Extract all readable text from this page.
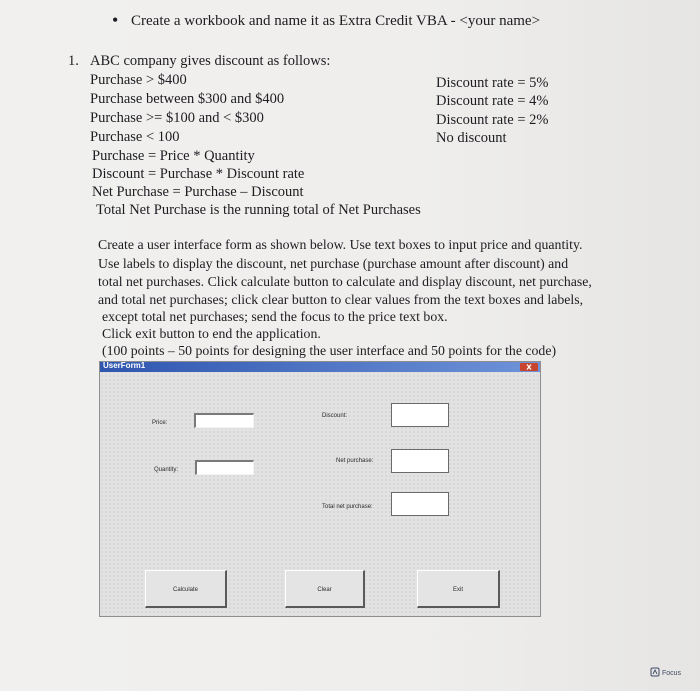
• Create a workbook and name it as Extra Credit VBA - <your name>
1. ABC company gives discount as follows:
Purchase > $400
Purchase between $300 and $400
Purchase >= $100 and < $300
Purchase < 100
Discount rate = 5%
Discount rate = 4%
Discount rate = 2%
No discount
Purchase = Price * Quantity
Discount = Purchase * Discount rate
Net Purchase = Purchase – Discount
Total Net Purchase is the running total of Net Purchases
Create a user interface form as shown below. Use text boxes to input price and quantity.
Use labels to display the discount, net purchase (purchase amount after discount) and
total net purchases. Click calculate button to calculate and display discount, net purchase,
and total net purchases; click clear button to clear values from the text boxes and labels,
except total net purchases; send the focus to the price text box.
Click exit button to end the application.
(100 points – 50 points for designing the user interface and 50 points for the code)
UserForm1
Price:
Quantity:
Discount:
Net purchase:
Total net purchase:
Calculate	Clear	Exit
Focus
